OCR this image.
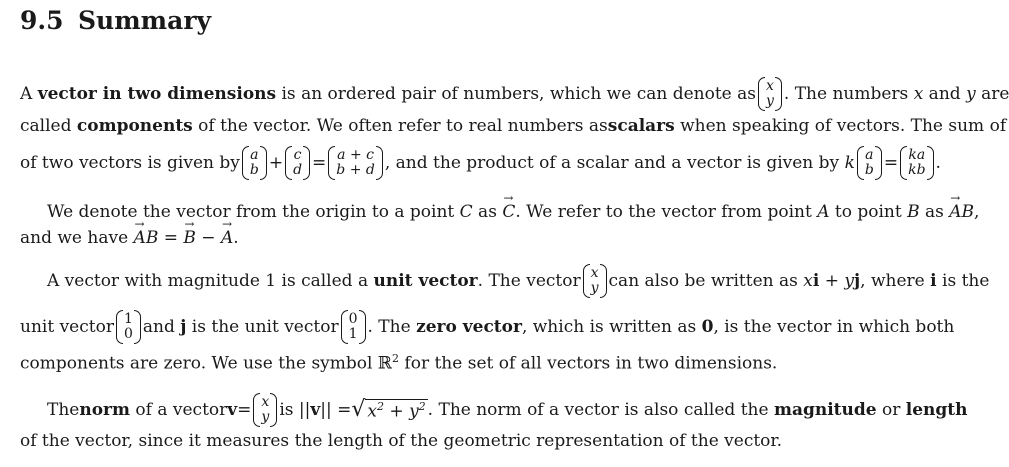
9.5 Summary
A vector in two dimensions is an ordered pair of numbers, which we can denote as x
y . The numbers x and y are
called components of the vector. We often refer to real numbers as scalars when speaking of vectors. The sum of
of two vectors is given by a
b + c
d = a + c
b + d , and the product of a scalar and a vector is given by
k a
b = ka
kb .
We denote the vector from the origin to a point C as C →. We refer to the vector from point A to point B as AB →,
and we have AB → = B → − A →.
A vector with magnitude 1 is called a unit vector. The vector x
y can also be written as xi + yj, where i is the
unit vector 1
0 and j is the unit vector 0
1 . The zero vector, which is written as 0, is the vector in which both
components are zero. We use the symbol ℝ$^2$ for the set of all vectors in two dimensions.
The norm
of a vector v = x
y is || v || = √ $x^2 + y^2$ . The norm of a vector is also called the magnitude or length
of the vector, since it measures the length of the geometric representation of the vector.
